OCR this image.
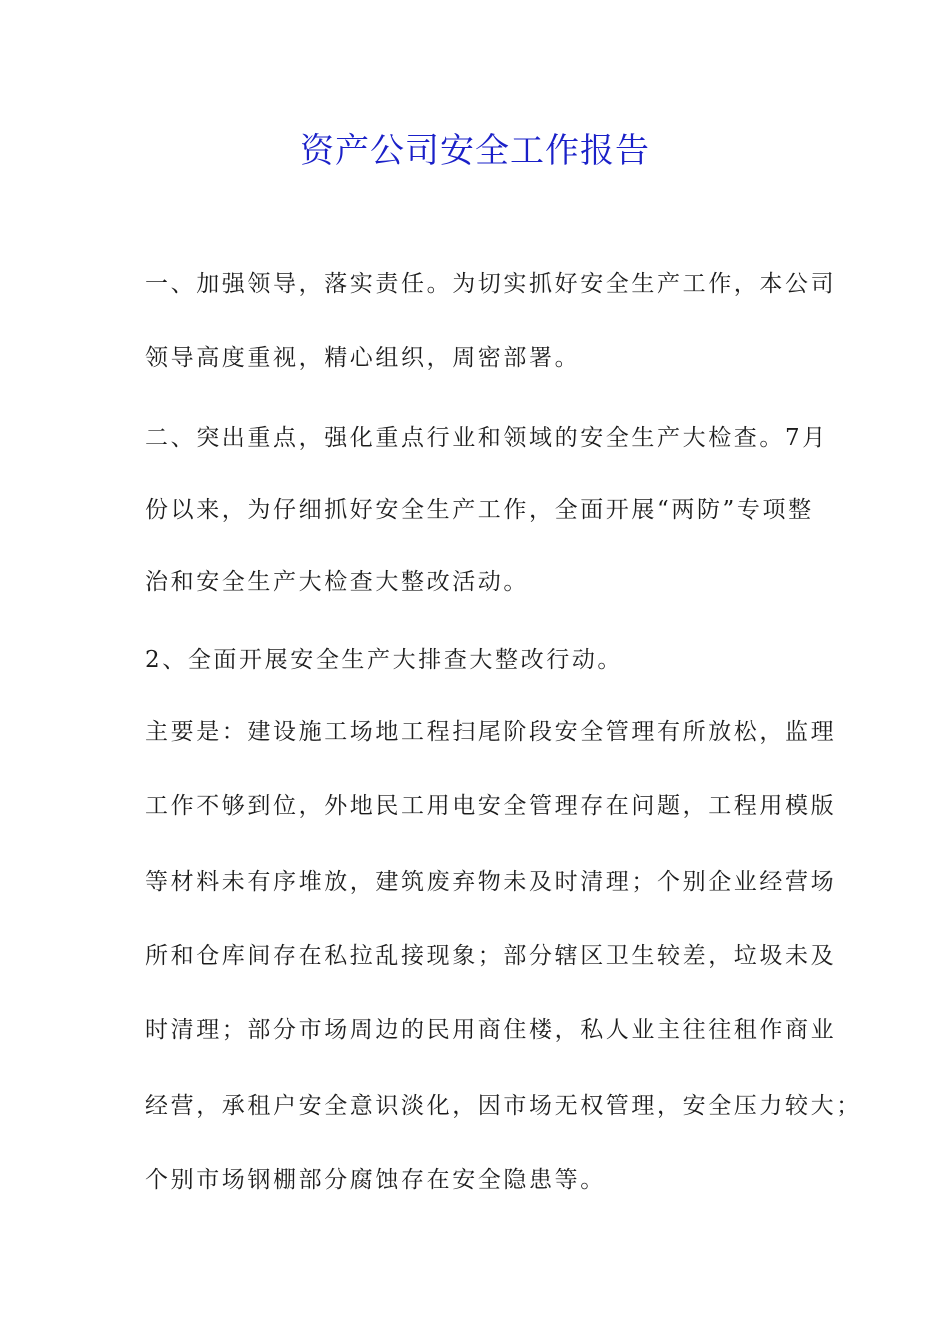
资产公司安全工作报告
一、加强领导，落实责任。为切实抓好安全生产工作，本公司
领导高度重视，精心组织，周密部署。
二、突出重点，强化重点行业和领域的安全生产大检查。7月
份以来，为仔细抓好安全生产工作，全面开展“两防”专项整
治和安全生产大检查大整改活动。
2、全面开展安全生产大排查大整改行动。
主要是：建设施工场地工程扫尾阶段安全管理有所放松，监理
工作不够到位，外地民工用电安全管理存在问题，工程用模版
等材料未有序堆放，建筑废弃物未及时清理；个别企业经营场
所和仓库间存在私拉乱接现象；部分辖区卫生较差，垃圾未及
时清理；部分市场周边的民用商住楼，私人业主往往租作商业
经营，承租户安全意识淡化，因市场无权管理，安全压力较大；
个别市场钢棚部分腐蚀存在安全隐患等。
